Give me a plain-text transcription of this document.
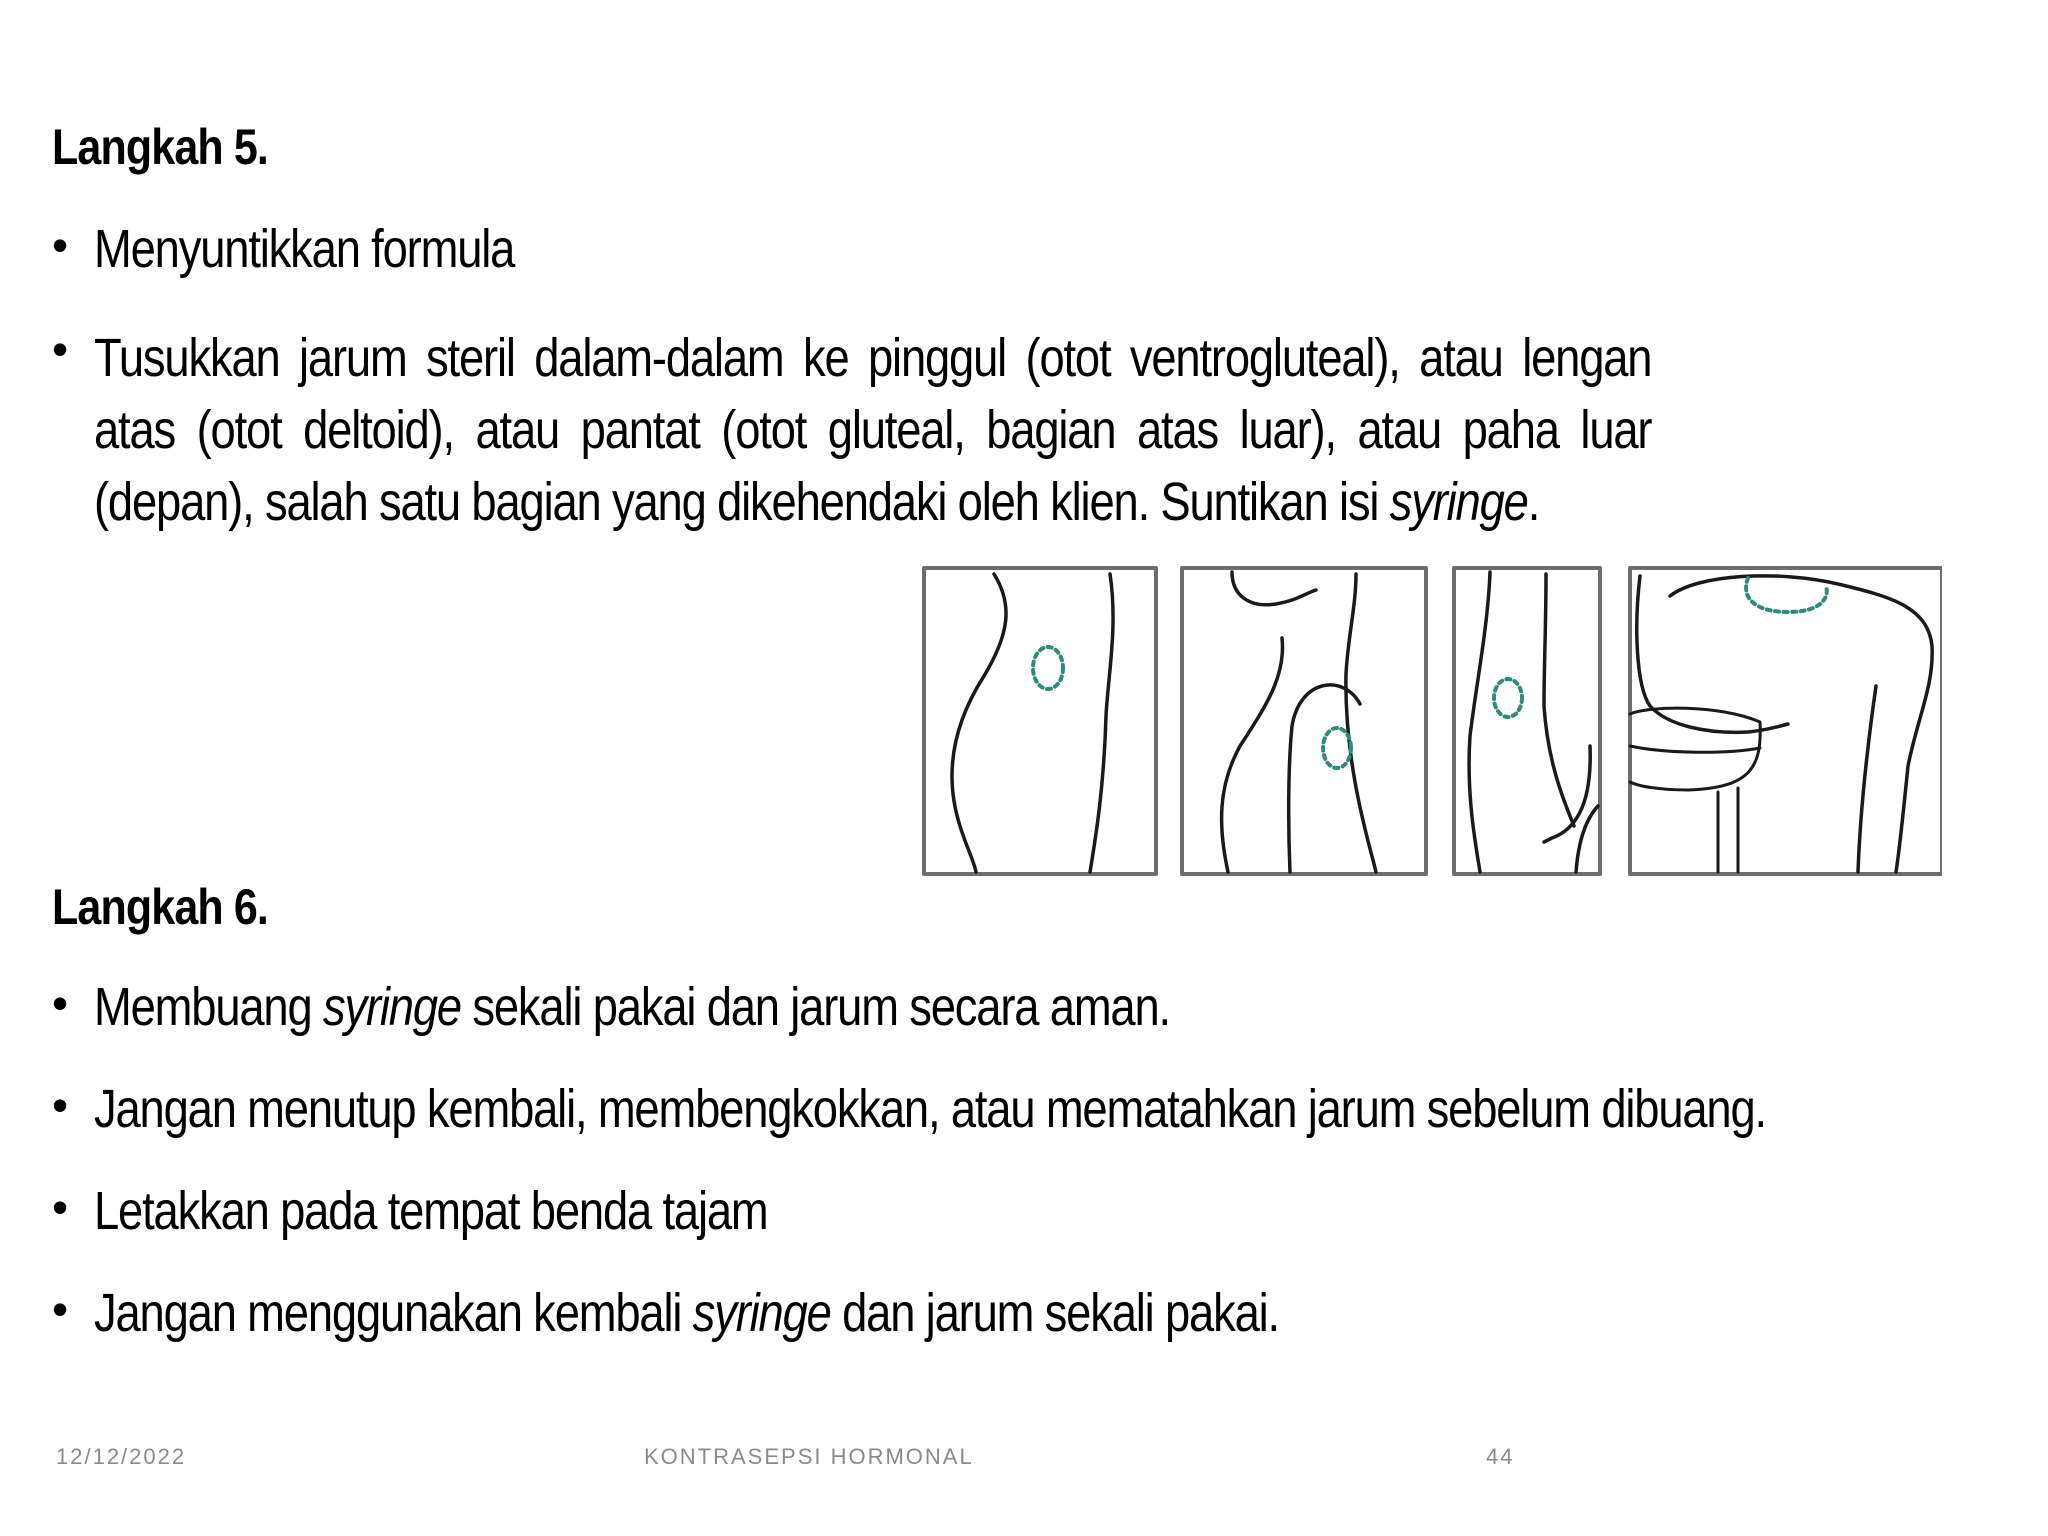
Langkah 5.
• Menyuntikkan formula
• Tusukkan jarum steril dalam-dalam ke pinggul (otot ventrogluteal), atau lengan atas (otot deltoid), atau pantat (otot gluteal, bagian atas luar), atau paha luar (depan), salah satu bagian yang dikehendaki oleh klien. Suntikan isi syringe.
Langkah 6.
• Membuang syringe sekali pakai dan jarum secara aman.
• Jangan menutup kembali, membengkokkan, atau mematahkan jarum sebelum dibuang.
• Letakkan pada tempat benda tajam
• Jangan menggunakan kembali syringe dan jarum sekali pakai.
12/12/2022	KONTRASEPSI HORMONAL	44
